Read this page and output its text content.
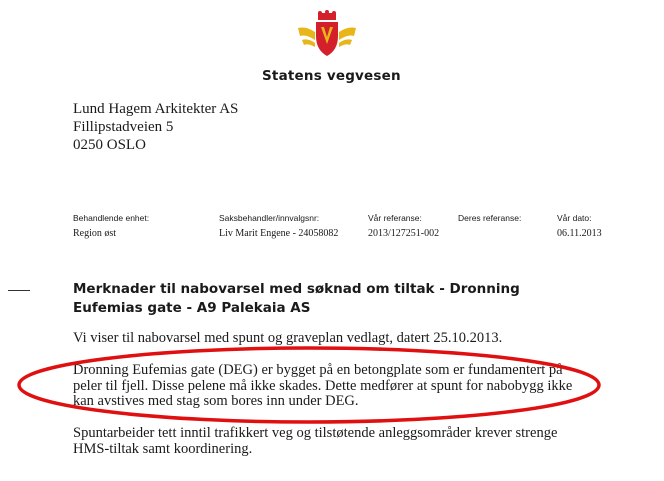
Statens vegvesen
Lund Hagem Arkitekter AS
Fillipstadveien 5
0250 OSLO
Behandlende enhet:
Region øst
Saksbehandler/innvalgsnr:
Liv Marit Engene - 24058082
Vår referanse:
2013/127251-002
Deres referanse:	Vår dato:
06.11.2013
Merknader til nabovarsel med søknad om tiltak - Dronning Eufemias gate - A9 Palekaia AS
Vi viser til nabovarsel med spunt og graveplan vedlagt, datert 25.10.2013.
Dronning Eufemias gate (DEG) er bygget på en betongplate som er fundamentert på peler til fjell. Disse pelene må ikke skades. Dette medfører at spunt for nabobygg ikke kan avstives med stag som bores inn under DEG.
Spuntarbeider tett inntil trafikkert veg og tilstøtende anleggsområder krever strenge HMS-tiltak samt koordinering.
